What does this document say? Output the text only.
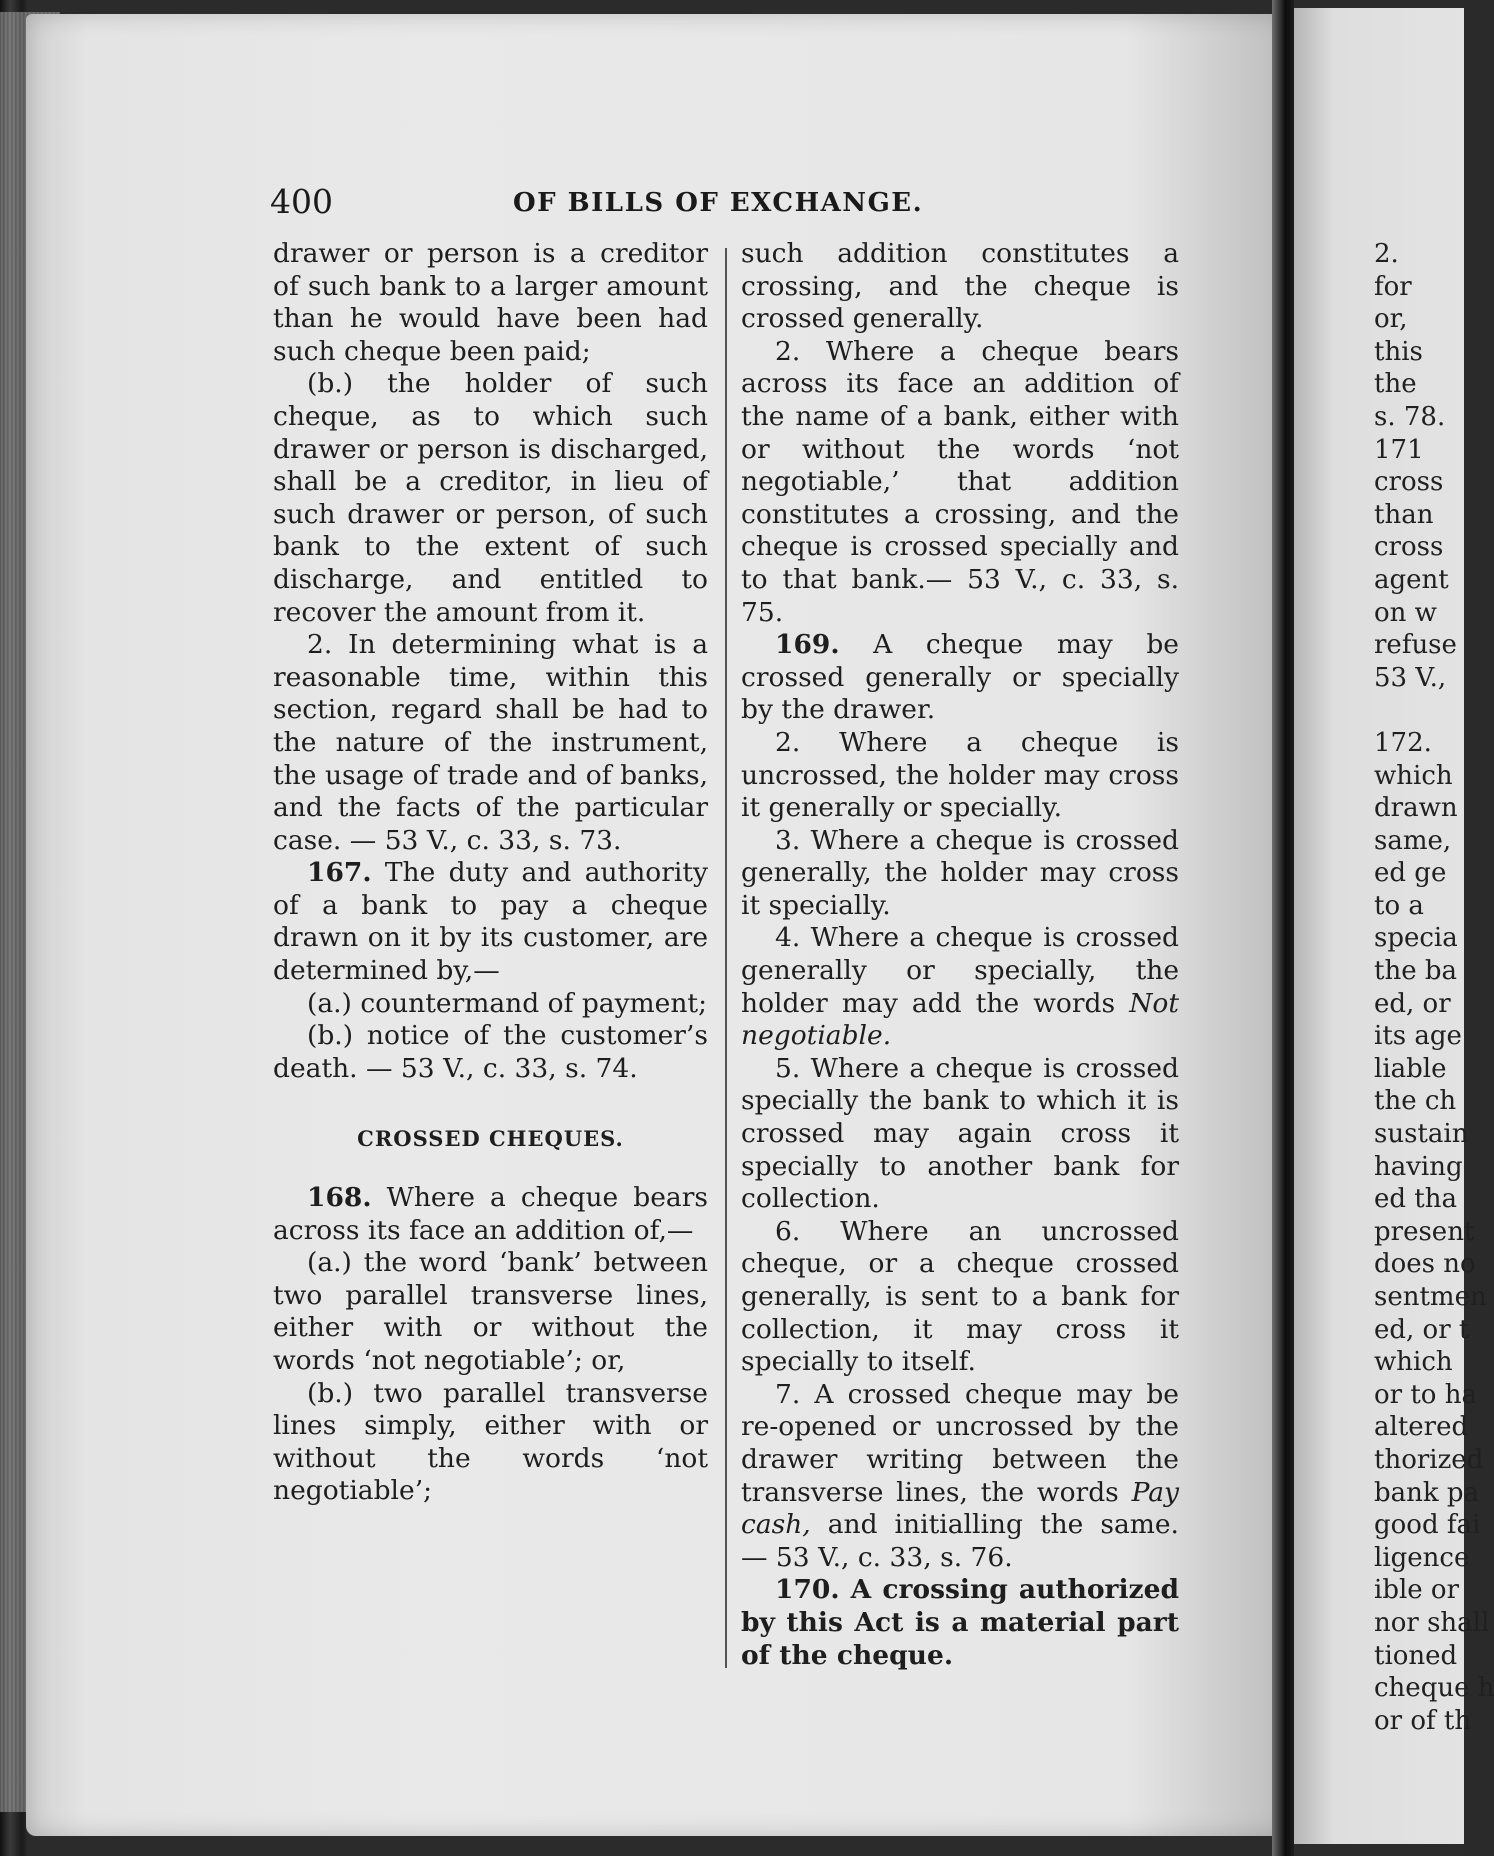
400	OF BILLS OF EXCHANGE.

drawer or person is a creditor of such bank to a larger amount than he would have been had such cheque been paid;

(b.) the holder of such cheque, as to which such drawer or person is discharged, shall be a creditor, in lieu of such drawer or person, of such bank to the extent of such discharge, and entitled to recover the amount from it.

2. In determining what is a reasonable time, within this section, regard shall be had to the nature of the instrument, the usage of trade and of banks, and the facts of the particular case. — 53 V., c. 33, s. 73.

167. The duty and authority of a bank to pay a cheque drawn on it by its customer, are determined by,—

(a.) countermand of payment;

(b.) notice of the customer’s death. — 53 V., c. 33, s. 74.

CROSSED CHEQUES.

168. Where a cheque bears across its face an addition of,—

(a.) the word ‘bank’ between two parallel transverse lines, either with or without the words ‘not negotiable’; or,

(b.) two parallel transverse lines simply, either with or without the words ‘not negotiable’;

such addition constitutes a crossing, and the cheque is crossed generally.

2. Where a cheque bears across its face an addition of the name of a bank, either with or without the words ‘not negotiable,’ that addition constitutes a crossing, and the cheque is crossed specially and to that bank.— 53 V., c. 33, s. 75.

169. A cheque may be crossed generally or specially by the drawer.

2. Where a cheque is uncrossed, the holder may cross it generally or specially.

3. Where a cheque is crossed generally, the holder may cross it specially.

4. Where a cheque is crossed generally or specially, the holder may add the words Not negotiable.

5. Where a cheque is crossed specially the bank to which it is crossed may again cross it specially to another bank for collection.

6. Where an uncrossed cheque, or a cheque crossed generally, is sent to a bank for collection, it may cross it specially to itself.

7. A crossed cheque may be re-opened or uncrossed by the drawer writing between the transverse lines, the words Pay cash, and initialling the same. — 53 V., c. 33, s. 76.

170. A crossing authorized by this Act is a material part of the cheque.

2.
for
or,
this
the
s. 78.
171
cross
than
cross
agent
on w
refuse
53 V.,
172.
which
drawn
same,
ed ge
to a
specia
the ba
ed, or
its age
liable
the ch
sustain
having
ed tha
present
does no
sentmen
ed, or t
which
or to ha
altered
thorized
bank pa
good fai
ligence
ible or
nor shall
tioned
cheque h
or of th
